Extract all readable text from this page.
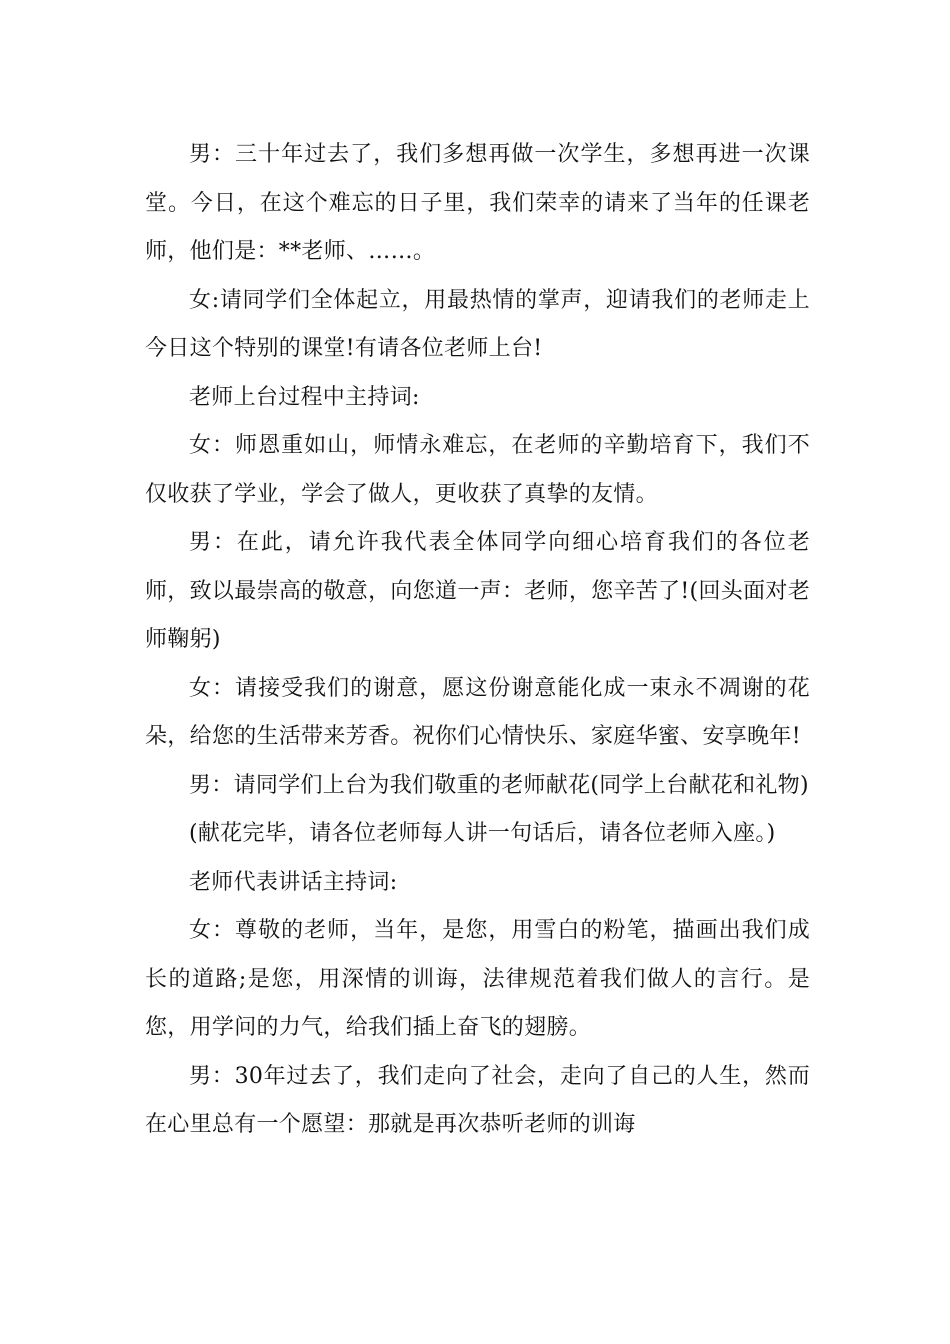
男：三十年过去了，我们多想再做一次学生，多想再进一次课堂。今日，在这个难忘的日子里，我们荣幸的请来了当年的任课老师，他们是：**老师、……。

女:请同学们全体起立，用最热情的掌声，迎请我们的老师走上今日这个特别的课堂!有请各位老师上台!

老师上台过程中主持词:

女：师恩重如山，师情永难忘，在老师的辛勤培育下，我们不仅收获了学业，学会了做人，更收获了真挚的友情。

男：在此，请允许我代表全体同学向细心培育我们的各位老师，致以最崇高的敬意，向您道一声：老师，您辛苦了!(回头面对老师鞠躬)

女：请接受我们的谢意，愿这份谢意能化成一束永不凋谢的花朵，给您的生活带来芳香。祝你们心情快乐、家庭华蜜、安享晚年!

男：请同学们上台为我们敬重的老师献花(同学上台献花和礼物)

(献花完毕，请各位老师每人讲一句话后，请各位老师入座。)

老师代表讲话主持词:

女：尊敬的老师，当年，是您，用雪白的粉笔，描画出我们成长的道路;是您，用深情的训诲，法律规范着我们做人的言行。是您，用学问的力气，给我们插上奋飞的翅膀。

男：30年过去了，我们走向了社会，走向了自己的人生，然而在心里总有一个愿望：那就是再次恭听老师的训诲
